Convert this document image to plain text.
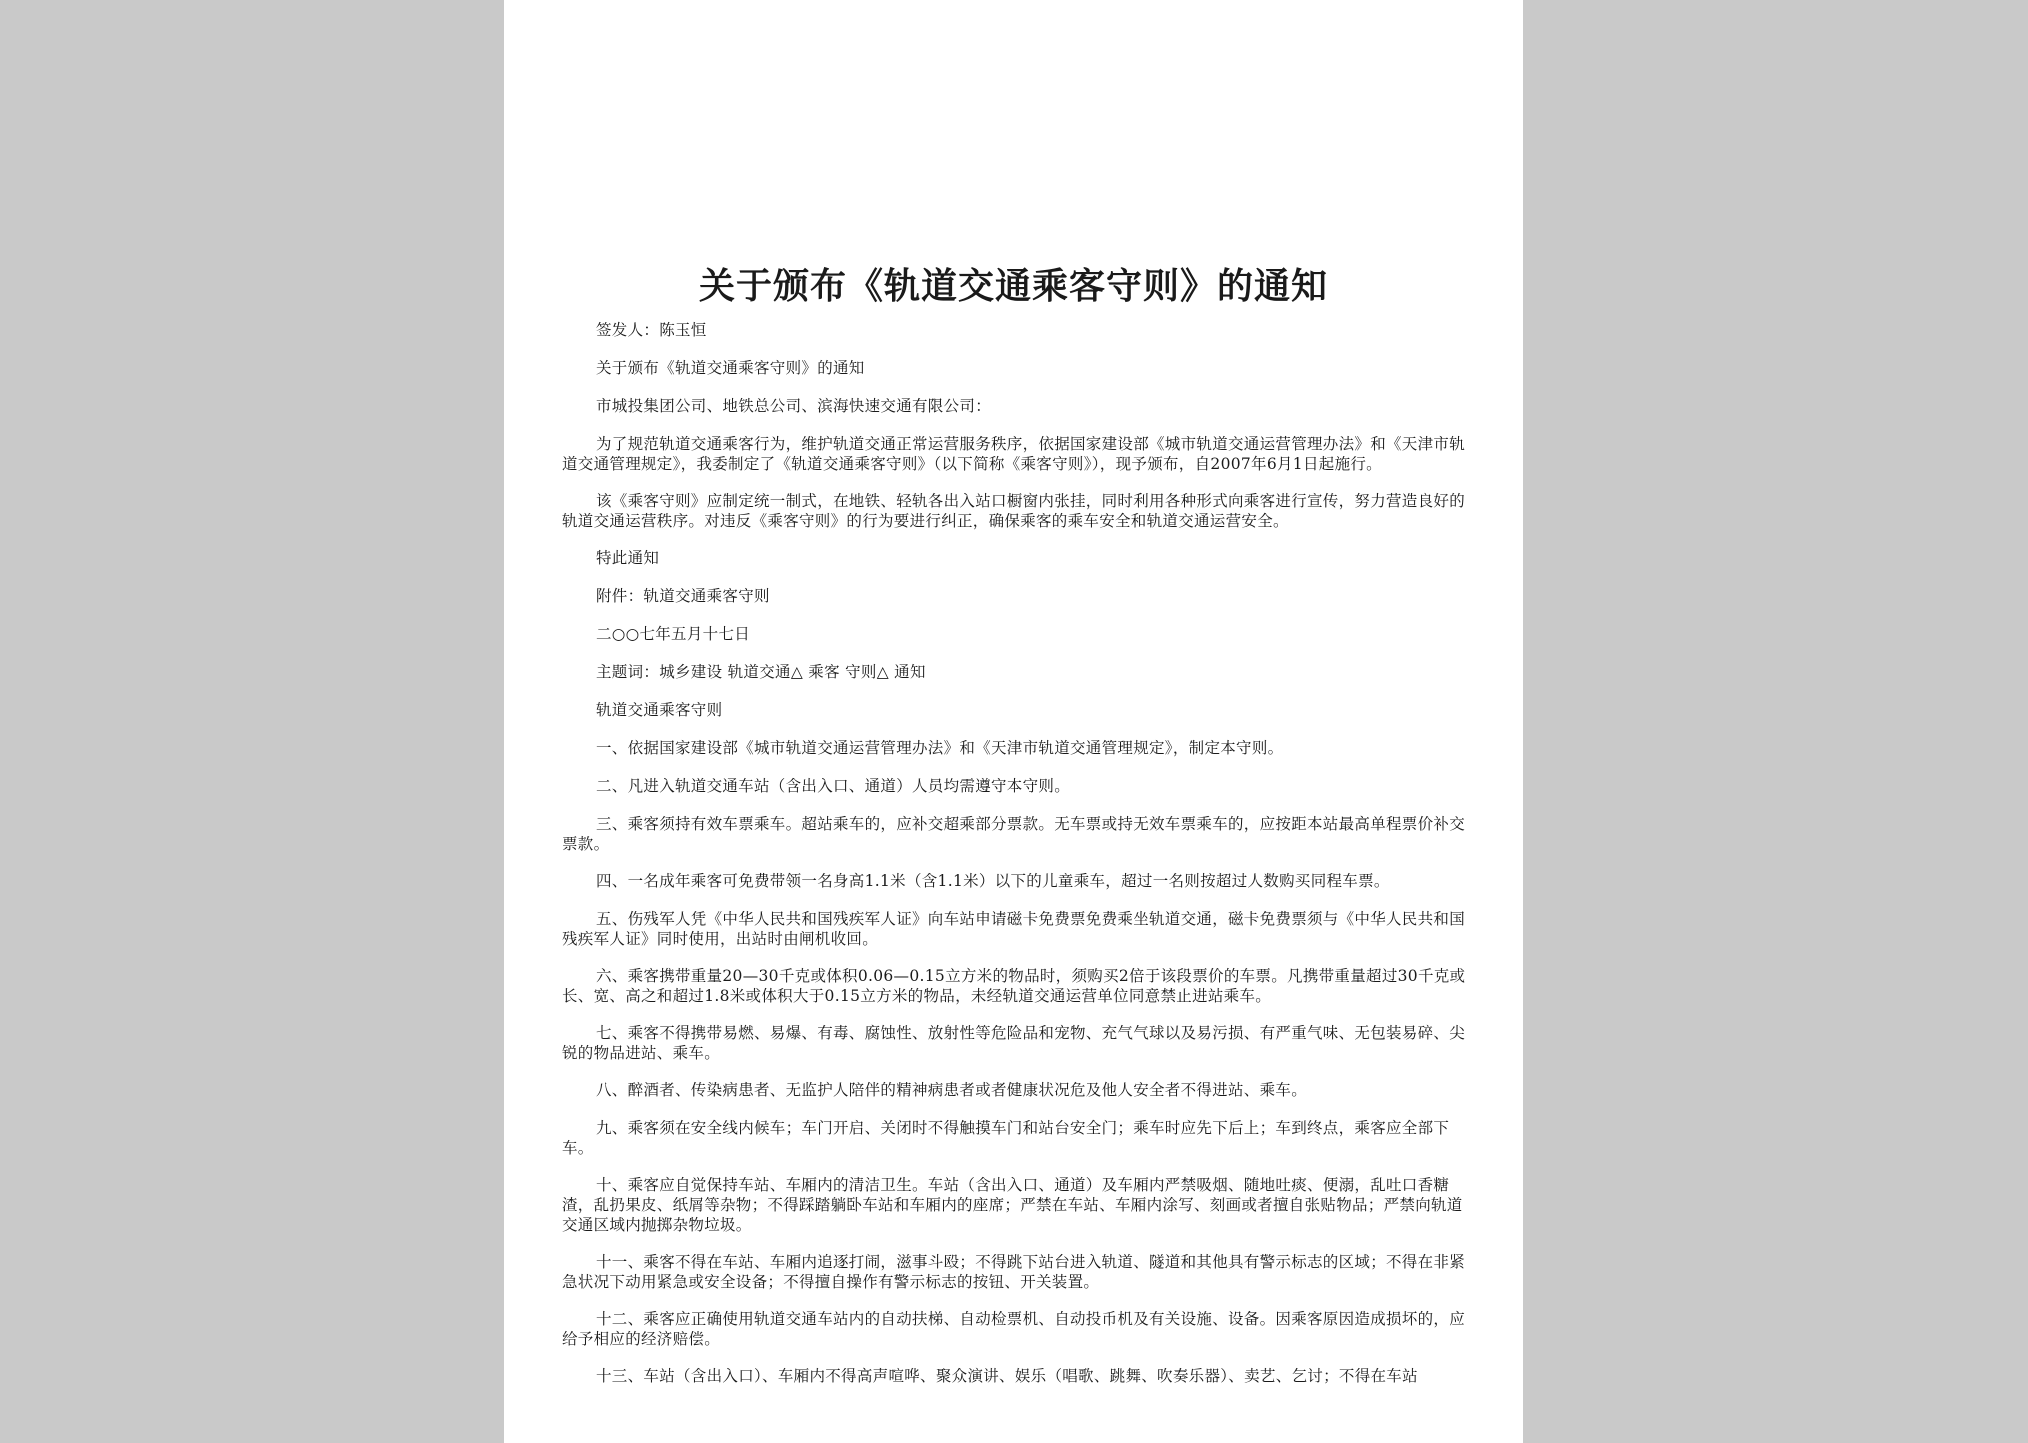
关于颁布《轨道交通乘客守则》的通知

签发人：陈玉恒

关于颁布《轨道交通乘客守则》的通知

市城投集团公司、地铁总公司、滨海快速交通有限公司：

为了规范轨道交通乘客行为，维护轨道交通正常运营服务秩序，依据国家建设部《城市轨道交通运营管理办法》和《天津市轨道交通管理规定》，我委制定了《轨道交通乘客守则》（以下简称《乘客守则》），现予颁布，自2007年6月1日起施行。

该《乘客守则》应制定统一制式，在地铁、轻轨各出入站口橱窗内张挂，同时利用各种形式向乘客进行宣传，努力营造良好的轨道交通运营秩序。对违反《乘客守则》的行为要进行纠正，确保乘客的乘车安全和轨道交通运营安全。

特此通知

附件：轨道交通乘客守则

二○○七年五月十七日

主题词：城乡建设 轨道交通△ 乘客 守则△ 通知

轨道交通乘客守则

一、依据国家建设部《城市轨道交通运营管理办法》和《天津市轨道交通管理规定》，制定本守则。

二、凡进入轨道交通车站（含出入口、通道）人员均需遵守本守则。

三、乘客须持有效车票乘车。超站乘车的，应补交超乘部分票款。无车票或持无效车票乘车的，应按距本站最高单程票价补交票款。

四、一名成年乘客可免费带领一名身高1.1米（含1.1米）以下的儿童乘车，超过一名则按超过人数购买同程车票。

五、伤残军人凭《中华人民共和国残疾军人证》向车站申请磁卡免费票免费乘坐轨道交通，磁卡免费票须与《中华人民共和国残疾军人证》同时使用，出站时由闸机收回。

六、乘客携带重量20—30千克或体积0.06—0.15立方米的物品时，须购买2倍于该段票价的车票。凡携带重量超过30千克或长、宽、高之和超过1.8米或体积大于0.15立方米的物品，未经轨道交通运营单位同意禁止进站乘车。

七、乘客不得携带易燃、易爆、有毒、腐蚀性、放射性等危险品和宠物、充气气球以及易污损、有严重气味、无包装易碎、尖锐的物品进站、乘车。

八、醉酒者、传染病患者、无监护人陪伴的精神病患者或者健康状况危及他人安全者不得进站、乘车。

九、乘客须在安全线内候车；车门开启、关闭时不得触摸车门和站台安全门；乘车时应先下后上；车到终点，乘客应全部下车。

十、乘客应自觉保持车站、车厢内的清洁卫生。车站（含出入口、通道）及车厢内严禁吸烟、随地吐痰、便溺，乱吐口香糖渣，乱扔果皮、纸屑等杂物；不得踩踏躺卧车站和车厢内的座席；严禁在车站、车厢内涂写、刻画或者擅自张贴物品；严禁向轨道交通区域内抛掷杂物垃圾。

十一、乘客不得在车站、车厢内追逐打闹，滋事斗殴；不得跳下站台进入轨道、隧道和其他具有警示标志的区域；不得在非紧急状况下动用紧急或安全设备；不得擅自操作有警示标志的按钮、开关装置。

十二、乘客应正确使用轨道交通车站内的自动扶梯、自动检票机、自动投币机及有关设施、设备。因乘客原因造成损坏的，应给予相应的经济赔偿。

十三、车站（含出入口）、车厢内不得高声喧哗、聚众演讲、娱乐（唱歌、跳舞、吹奏乐器）、卖艺、乞讨；不得在车站
